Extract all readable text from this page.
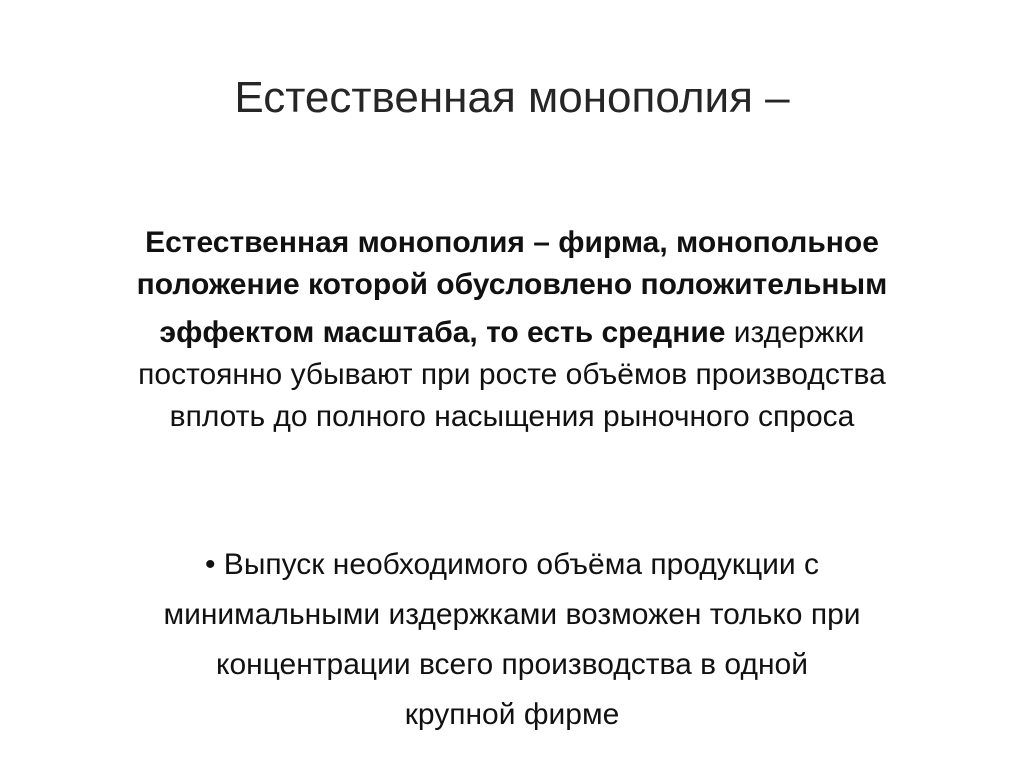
Естественная монополия –
Естественная монополия – фирма, монопольное
положение которой обусловлено положительным
эффектом масштаба, то есть средние издержки
постоянно убывают при росте объёмов производства
вплоть до полного насыщения рыночного спроса
• Выпуск необходимого объёма продукции с
минимальными издержками возможен только при
концентрации всего производства в одной
крупной фирме
